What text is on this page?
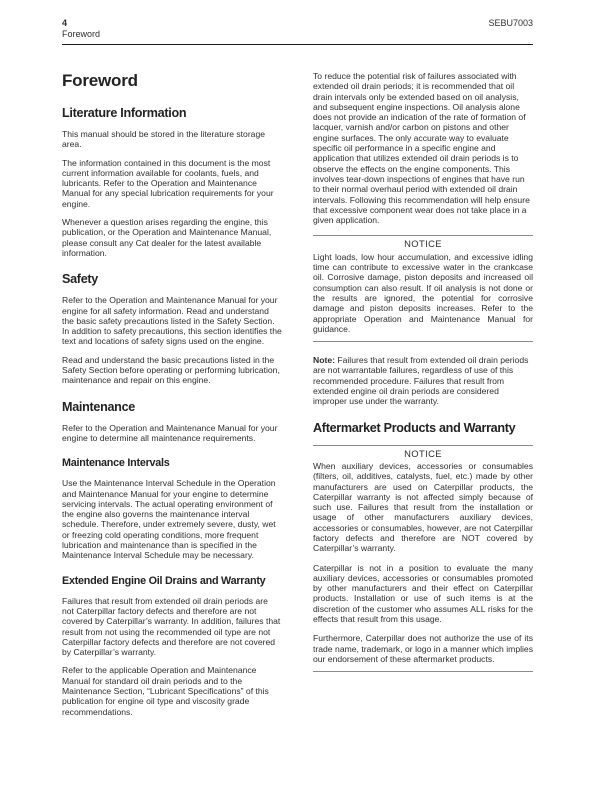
4
Foreword
SEBU7003
Foreword
Literature Information

This manual should be stored in the literature storage area.

The information contained in this document is the most current information available for coolants, fuels, and lubricants. Refer to the Operation and Maintenance Manual for any special lubrication requirements for your engine.

Whenever a question arises regarding the engine, this publication, or the Operation and Maintenance Manual, please consult any Cat dealer for the latest available information.

Safety

Refer to the Operation and Maintenance Manual for your engine for all safety information. Read and understand the basic safety precautions listed in the Safety Section. In addition to safety precautions, this section identifies the text and locations of safety signs used on the engine.

Read and understand the basic precautions listed in the Safety Section before operating or performing lubrication, maintenance and repair on this engine.

Maintenance

Refer to the Operation and Maintenance Manual for your engine to determine all maintenance requirements.

Maintenance Intervals

Use the Maintenance Interval Schedule in the Operation and Maintenance Manual for your engine to determine servicing intervals. The actual operating environment of the engine also governs the maintenance interval schedule. Therefore, under extremely severe, dusty, wet or freezing cold operating conditions, more frequent lubrication and maintenance than is specified in the Maintenance Interval Schedule may be necessary.

Extended Engine Oil Drains and Warranty

Failures that result from extended oil drain periods are not Caterpillar factory defects and therefore are not covered by Caterpillar’s warranty. In addition, failures that result from not using the recommended oil type are not Caterpillar factory defects and therefore are not covered by Caterpillar’s warranty.

Refer to the applicable Operation and Maintenance Manual for standard oil drain periods and to the Maintenance Section, “Lubricant Specifications” of this publication for engine oil type and viscosity grade recommendations.

To reduce the potential risk of failures associated with extended oil drain periods; it is recommended that oil drain intervals only be extended based on oil analysis, and subsequent engine inspections. Oil analysis alone does not provide an indication of the rate of formation of lacquer, varnish and/or carbon on pistons and other engine surfaces. The only accurate way to evaluate specific oil performance in a specific engine and application that utilizes extended oil drain periods is to observe the effects on the engine components. This involves tear-down inspections of engines that have run to their normal overhaul period with extended oil drain intervals. Following this recommendation will help ensure that excessive component wear does not take place in a given application.

NOTICE

Light loads, low hour accumulation, and excessive idling time can contribute to excessive water in the crankcase oil. Corrosive damage, piston deposits and increased oil consumption can also result. If oil analysis is not done or the results are ignored, the potential for corrosive damage and piston deposits increases. Refer to the appropriate Operation and Maintenance Manual for guidance.

Note: Failures that result from extended oil drain periods are not warrantable failures, regardless of use of this recommended procedure. Failures that result from extended engine oil drain periods are considered improper use under the warranty.

Aftermarket Products and Warranty
NOTICE

When auxiliary devices, accessories or consumables (filters, oil, additives, catalysts, fuel, etc.) made by other manufacturers are used on Caterpillar products, the Caterpillar warranty is not affected simply because of such use. Failures that result from the installation or usage of other manufacturers auxiliary devices, accessories or consumables, however, are not Caterpillar factory defects and therefore are NOT covered by Caterpillar’s warranty.

Caterpillar is not in a position to evaluate the many auxiliary devices, accessories or consumables promoted by other manufacturers and their effect on Caterpillar products. Installation or use of such items is at the discretion of the customer who assumes ALL risks for the effects that result from this usage.

Furthermore, Caterpillar does not authorize the use of its trade name, trademark, or logo in a manner which implies our endorsement of these aftermarket products.
